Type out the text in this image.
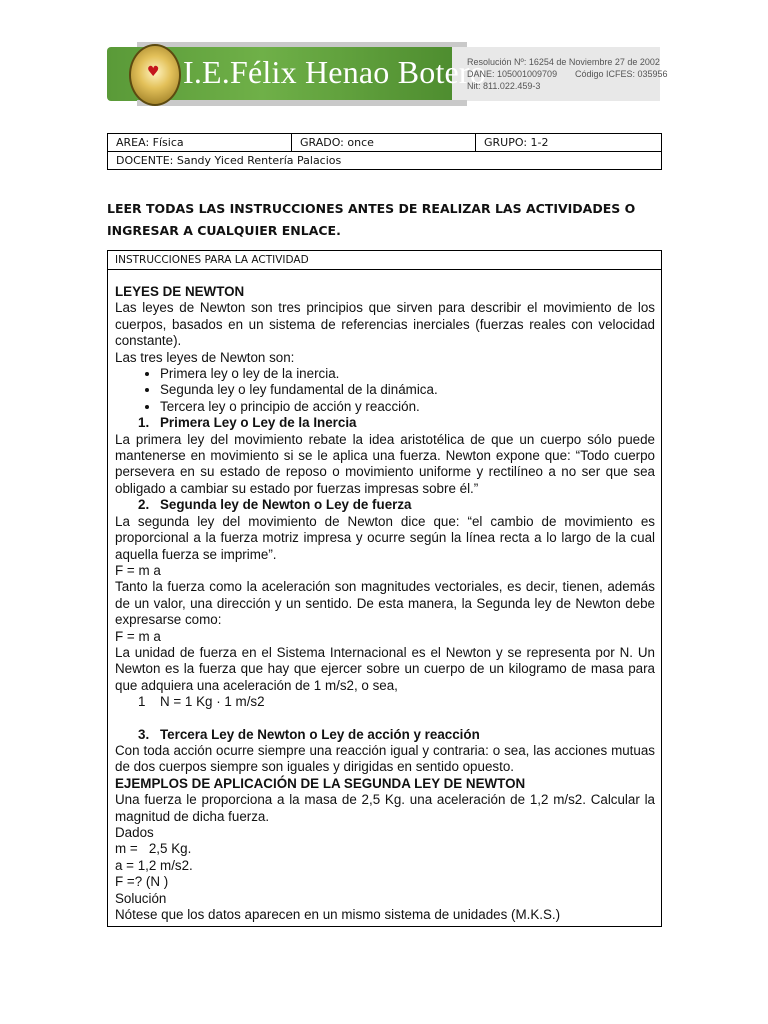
♥ I.E.Félix Henao Botero
Resolución Nº: 16254 de Noviembre 27 de 2002
DANE: 105001009709	Código ICFES: 035956
Nit: 811.022.459-3
AREA: Física	GRADO: once	GRUPO: 1-2
DOCENTE: Sandy Yiced Rentería Palacios
LEER TODAS LAS INSTRUCCIONES ANTES DE REALIZAR LAS ACTIVIDADES O INGRESAR A CUALQUIER ENLACE.
INSTRUCCIONES PARA LA ACTIVIDAD

LEYES DE NEWTON

Las leyes de Newton son tres principios que sirven para describir el movimiento de los cuerpos, basados en un sistema de referencias inerciales (fuerzas reales con velocidad constante).

Las tres leyes de Newton son:

• Primera ley o ley de la inercia.
• Segunda ley o ley fundamental de la dinámica.
• Tercera ley o principio de acción y reacción.

1. Primera Ley o Ley de la Inercia

La primera ley del movimiento rebate la idea aristotélica de que un cuerpo sólo puede mantenerse en movimiento si se le aplica una fuerza. Newton expone que: “Todo cuerpo persevera en su estado de reposo o movimiento uniforme y rectilíneo a no ser que sea obligado a cambiar su estado por fuerzas impresas sobre él.”

2. Segunda ley de Newton o Ley de fuerza

La segunda ley del movimiento de Newton dice que: “el cambio de movimiento es proporcional a la fuerza motriz impresa y ocurre según la línea recta a lo largo de la cual aquella fuerza se imprime”.

F = m a

Tanto la fuerza como la aceleración son magnitudes vectoriales, es decir, tienen, además de un valor, una dirección y un sentido. De esta manera, la Segunda ley de Newton debe expresarse como:

F = m a

La unidad de fuerza en el Sistema Internacional es el Newton y se representa por N. Un Newton es la fuerza que hay que ejercer sobre un cuerpo de un kilogramo de masa para que adquiera una aceleración de 1 m/s2, o sea,

1 N = 1 Kg · 1 m/s2

3. Tercera Ley de Newton o Ley de acción y reacción

Con toda acción ocurre siempre una reacción igual y contraria: o sea, las acciones mutuas de dos cuerpos siempre son iguales y dirigidas en sentido opuesto.

EJEMPLOS DE APLICACIÓN DE LA SEGUNDA LEY DE NEWTON

Una fuerza le proporciona a la masa de 2,5 Kg. una aceleración de 1,2 m/s2. Calcular la magnitud de dicha fuerza.

Dados

m =   2,5 Kg.

a = 1,2 m/s2.

F =? (N )

Solución

Nótese que los datos aparecen en un mismo sistema de unidades (M.K.S.)
